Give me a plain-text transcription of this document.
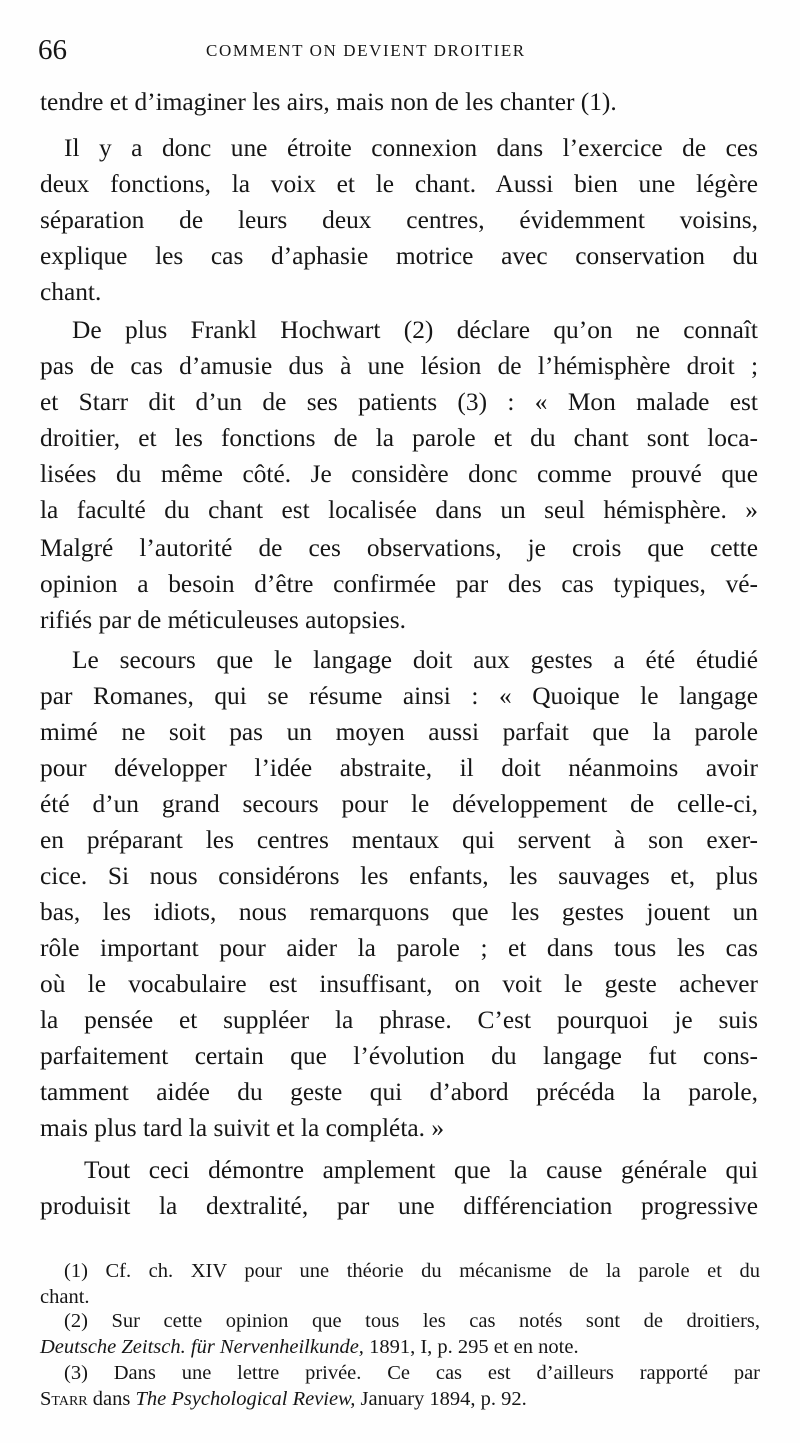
66	COMMENT ON DEVIENT DROITIER
tendre et d’imaginer les airs, mais non de les chanter (1).
Il y a donc une étroite connexion dans l’exercice de ces
deux fonctions, la voix et le chant. Aussi bien une légère
séparation de leurs deux centres, évidemment voisins,
explique les cas d’aphasie motrice avec conservation du
chant.
De plus Frankl Hochwart (2) déclare qu’on ne connaît
pas de cas d’amusie dus à une lésion de l’hémisphère droit ;
et Starr dit d’un de ses patients (3) : « Mon malade est
droitier, et les fonctions de la parole et du chant sont loca-
lisées du même côté. Je considère donc comme prouvé que
la faculté du chant est localisée dans un seul hémisphère. »
Malgré l’autorité de ces observations, je crois que cette
opinion a besoin d’être confirmée par des cas typiques, vé-
rifiés par de méticuleuses autopsies.
Le secours que le langage doit aux gestes a été étudié
par Romanes, qui se résume ainsi : « Quoique le langage
mimé ne soit pas un moyen aussi parfait que la parole
pour développer l’idée abstraite, il doit néanmoins avoir
été d’un grand secours pour le développement de celle-ci,
en préparant les centres mentaux qui servent à son exer-
cice. Si nous considérons les enfants, les sauvages et, plus
bas, les idiots, nous remarquons que les gestes jouent un
rôle important pour aider la parole ; et dans tous les cas
où le vocabulaire est insuffisant, on voit le geste achever
la pensée et suppléer la phrase. C’est pourquoi je suis
parfaitement certain que l’évolution du langage fut cons-
tamment aidée du geste qui d’abord précéda la parole,
mais plus tard la suivit et la compléta. »
Tout ceci démontre amplement que la cause générale qui
produisit la dextralité, par une différenciation progressive
(1) Cf. ch. XIV pour une théorie du mécanisme de la parole et du
chant.
(2) Sur cette opinion que tous les cas notés sont de droitiers,
Deutsche Zeitsch. für Nervenheilkunde, 1891, I, p. 295 et en note.
(3) Dans une lettre privée. Ce cas est d’ailleurs rapporté par
Starr dans The Psychological Review, January 1894, p. 92.
